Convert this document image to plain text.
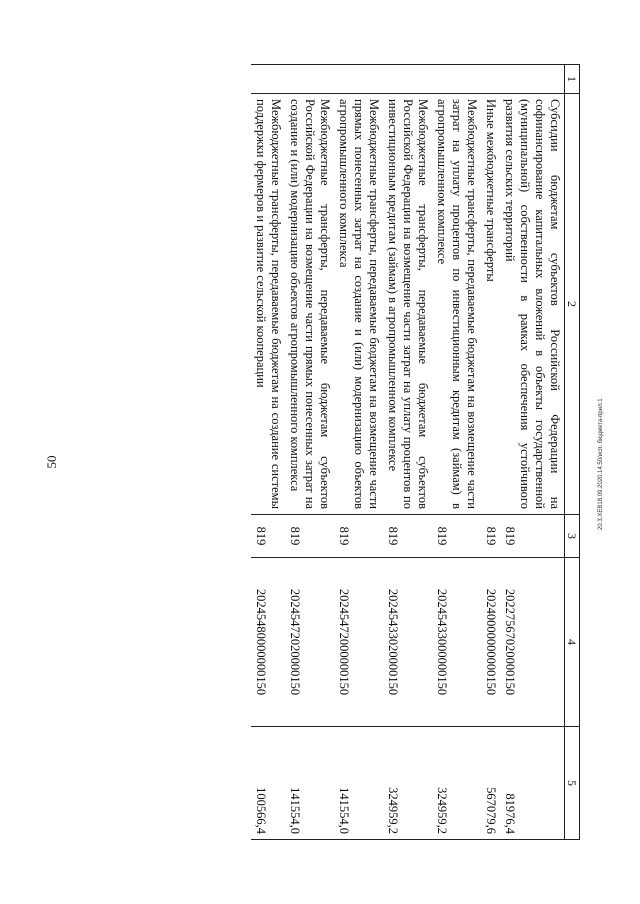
50
1	2	3	4	5
	Субсидии бюджетам субъектов Российской Федерации на софинансирование капитальных вложений в объекты государственной (муниципальной) собственности в рамках обеспечения устойчивого развития сельских территорий	819	20227567020000150	81976,4
	Иные межбюджетные трансферты	819	20240000000000150	567079,6
	Межбюджетные трансферты, передаваемые бюджетам на возмещение части затрат на уплату процентов по инвестиционным кредитам (займам) в агропромышленном комплексе	819	20245433000000150	324959,2
	Межбюджетные трансферты, передаваемые бюджетам субъектов Российской Федерации на возмещение части затрат на уплату процентов по инвестиционным кредитам (займам) в агропромышленном комплексе	819	20245433020000150	324959,2
	Межбюджетные трансферты, передаваемые бюджетам на возмещение части прямых понесенных затрат на создание и (или) модернизацию объектов агропромышленного комплекса	819	20245472000000150	141554,0
	Межбюджетные трансферты, передаваемые бюджетам субъектов Российской Федерации на возмещение части прямых понесенных затрат на создание и (или) модернизацию объектов агропромышленного комплекса	819	20245472020000150	141554,0
	Межбюджетные трансферты, передаваемые бюджетам на создание системы поддержки фермеров и развитие сельской кооперации	819	20245480000000150	100566,4
20.3.XEB18.09.2020.14.50/исп. бюджета-прил.1
